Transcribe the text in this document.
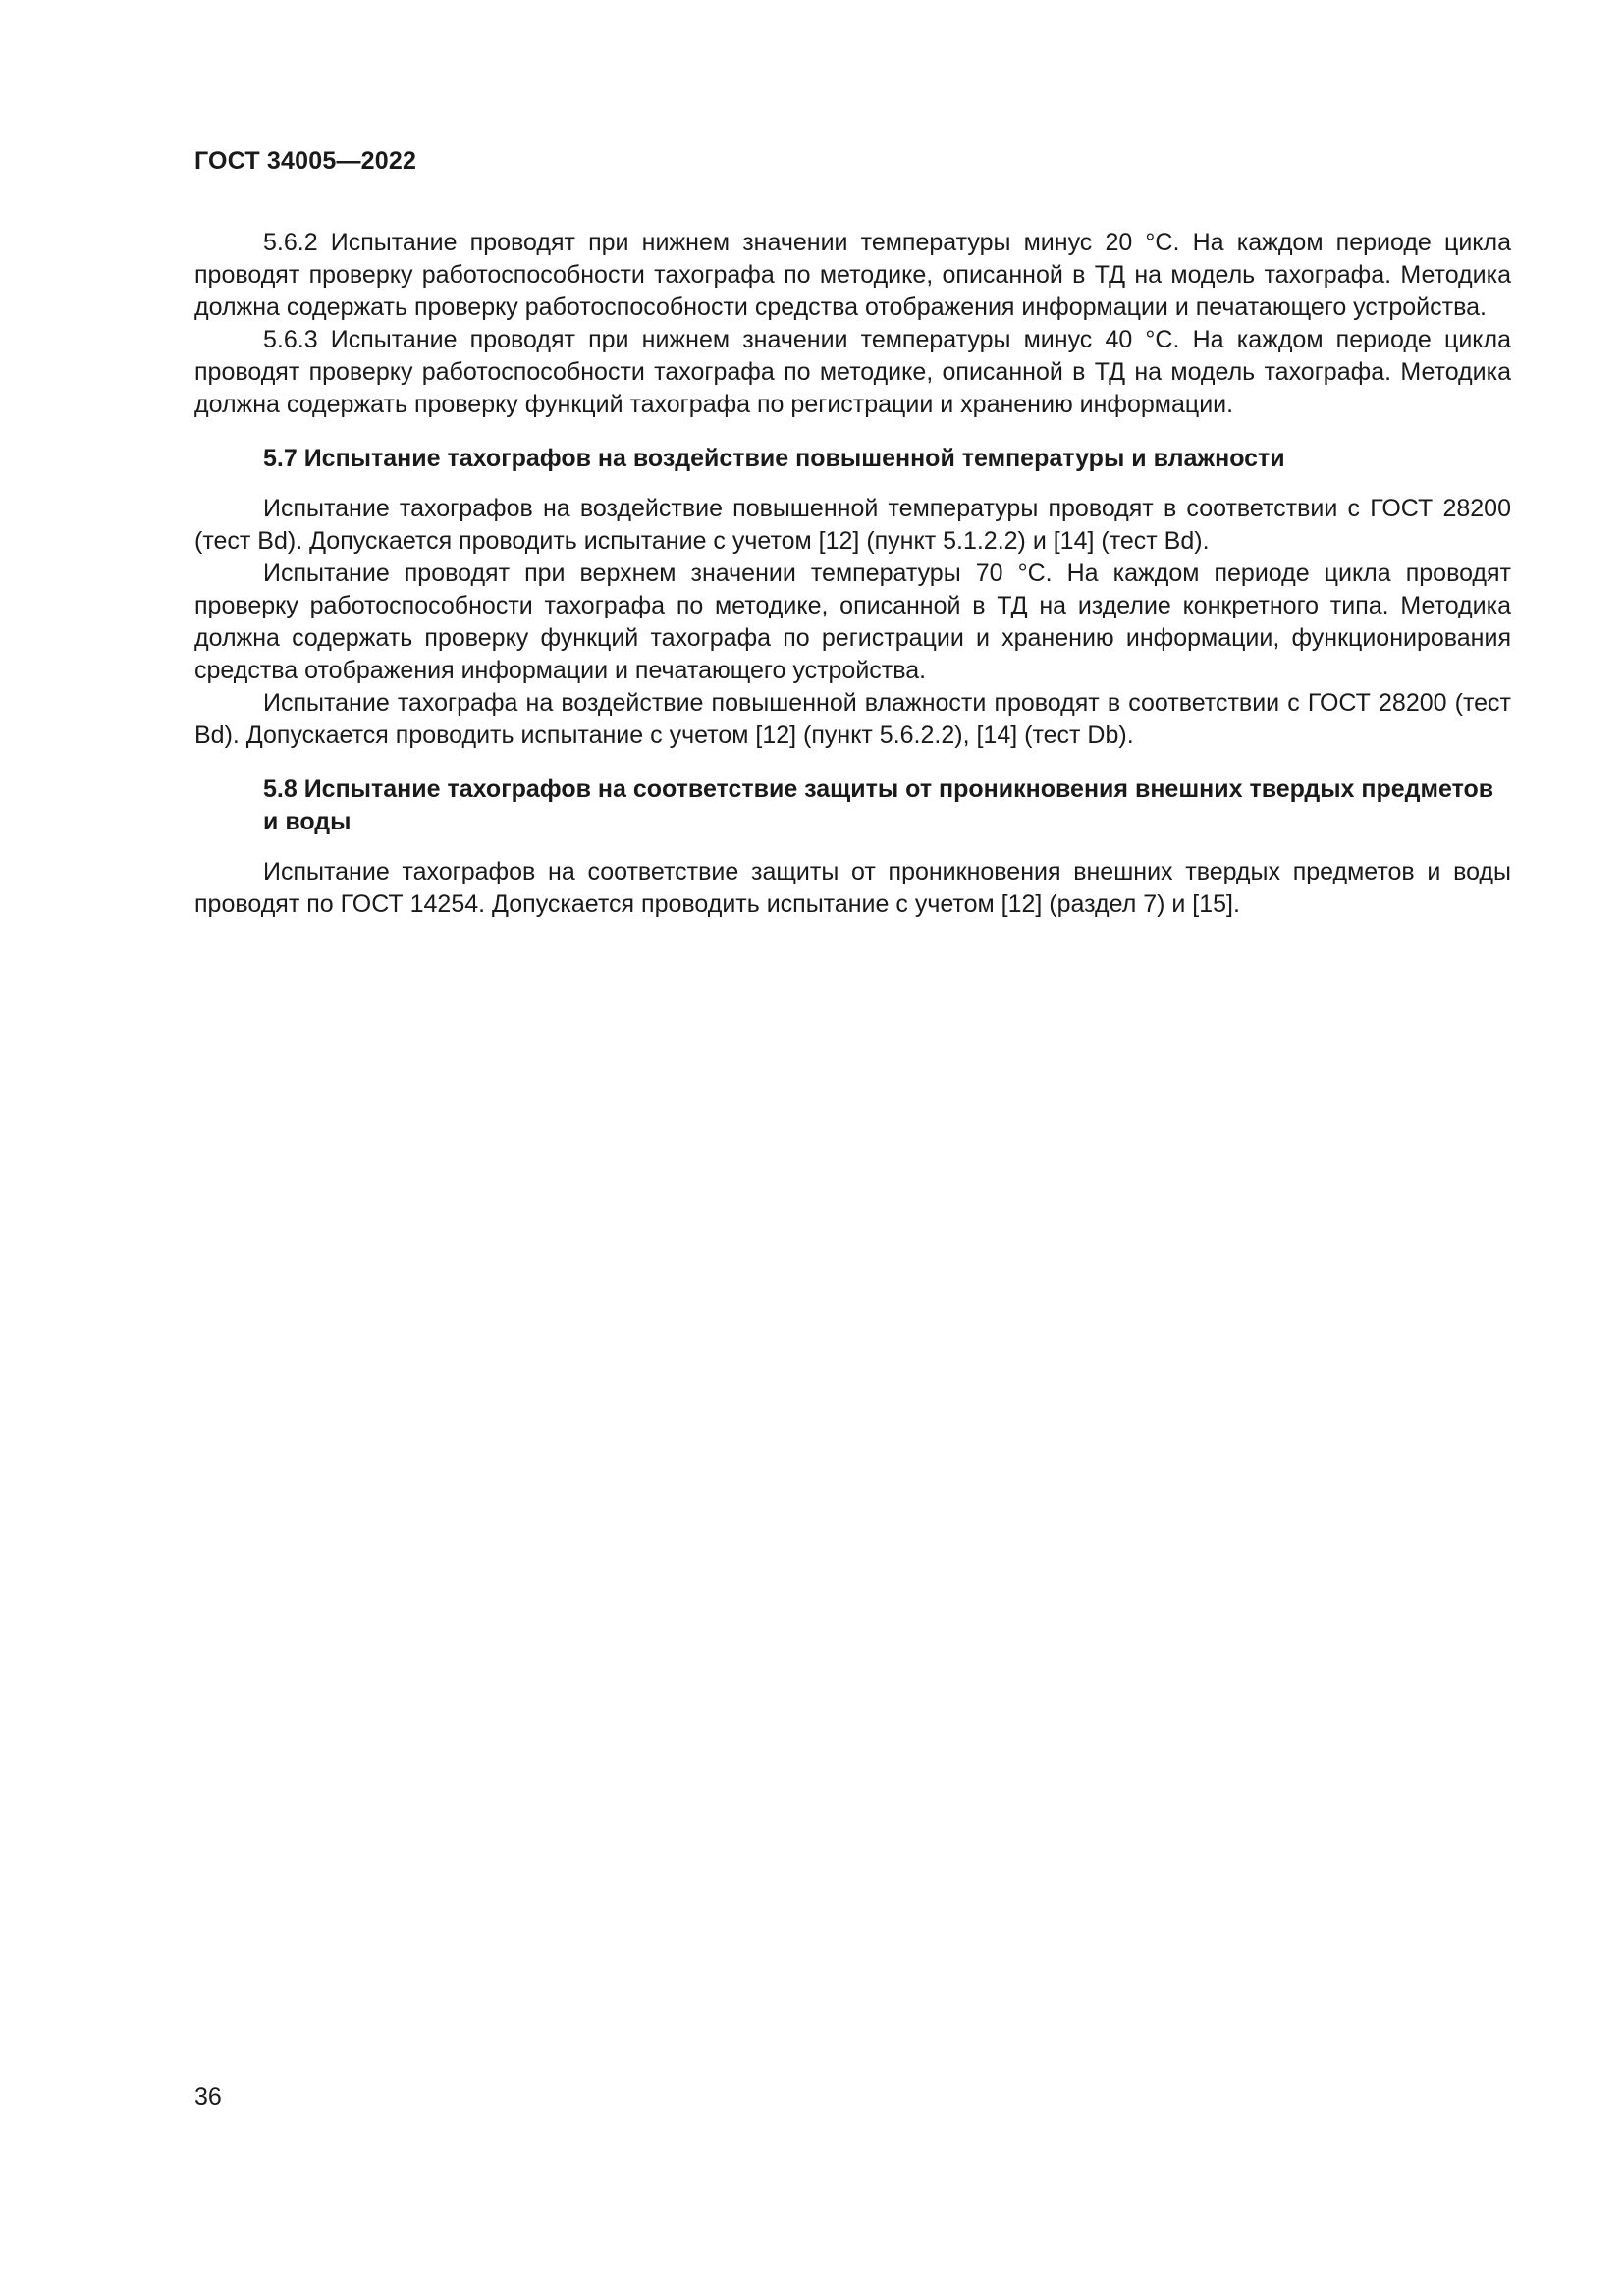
ГОСТ 34005—2022

5.6.2 Испытание проводят при нижнем значении температуры минус 20 °С. На каждом периоде цикла проводят проверку работоспособности тахографа по методике, описанной в ТД на модель тахографа. Методика должна содержать проверку работоспособности средства отображения информации и печатающего устройства.

5.6.3 Испытание проводят при нижнем значении температуры минус 40 °С. На каждом периоде цикла проводят проверку работоспособности тахографа по методике, описанной в ТД на модель тахографа. Методика должна содержать проверку функций тахографа по регистрации и хранению информации.

5.7 Испытание тахографов на воздействие повышенной температуры и влажности

Испытание тахографов на воздействие повышенной температуры проводят в соответствии с ГОСТ 28200 (тест Bd). Допускается проводить испытание с учетом [12] (пункт 5.1.2.2) и [14] (тест Bd).

Испытание проводят при верхнем значении температуры 70 °С. На каждом периоде цикла проводят проверку работоспособности тахографа по методике, описанной в ТД на изделие конкретного типа. Методика должна содержать проверку функций тахографа по регистрации и хранению информации, функционирования средства отображения информации и печатающего устройства.

Испытание тахографа на воздействие повышенной влажности проводят в соответствии с ГОСТ 28200 (тест Bd). Допускается проводить испытание с учетом [12] (пункт 5.6.2.2), [14] (тест Db).

5.8 Испытание тахографов на соответствие защиты от проникновения внешних твердых предметов и воды

Испытание тахографов на соответствие защиты от проникновения внешних твердых предметов и воды проводят по ГОСТ 14254. Допускается проводить испытание с учетом [12] (раздел 7) и [15].

36
